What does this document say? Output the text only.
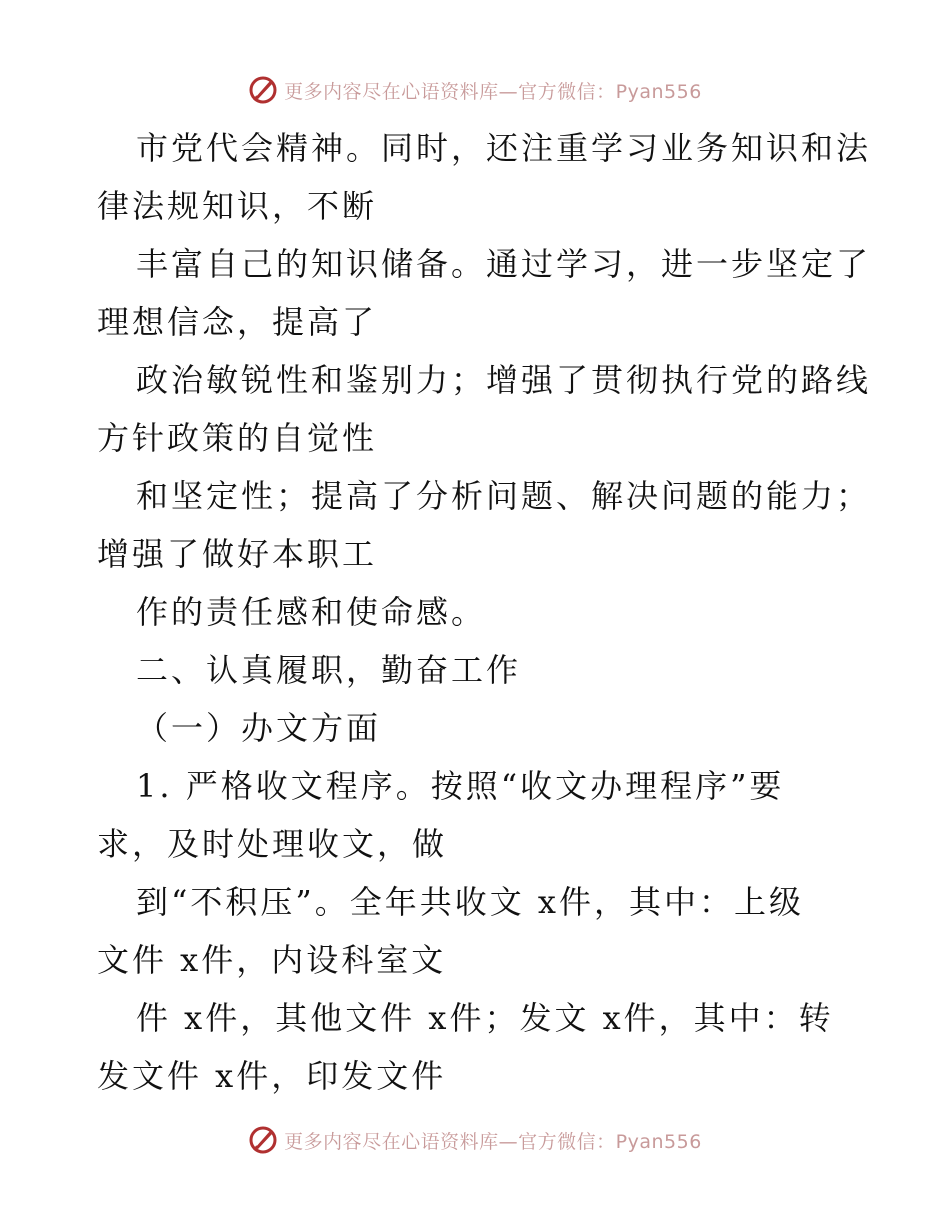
更多内容尽在心语资料库—官方微信：Pyan556
市党代会精神。同时，还注重学习业务知识和法
律法规知识，不断
丰富自己的知识储备。通过学习，进一步坚定了
理想信念，提高了
政治敏锐性和鉴别力；增强了贯彻执行党的路线
方针政策的自觉性
和坚定性；提高了分析问题、解决问题的能力；
增强了做好本职工
作的责任感和使命感。
二、认真履职，勤奋工作
（一）办文方面
1. 严格收文程序。按照“收文办理程序”要
求，及时处理收文，做
到“不积压”。全年共收文 x件，其中：上级
文件 x件，内设科室文
件 x件，其他文件 x件；发文 x件，其中：转
发文件 x件，印发文件
更多内容尽在心语资料库—官方微信：Pyan556
